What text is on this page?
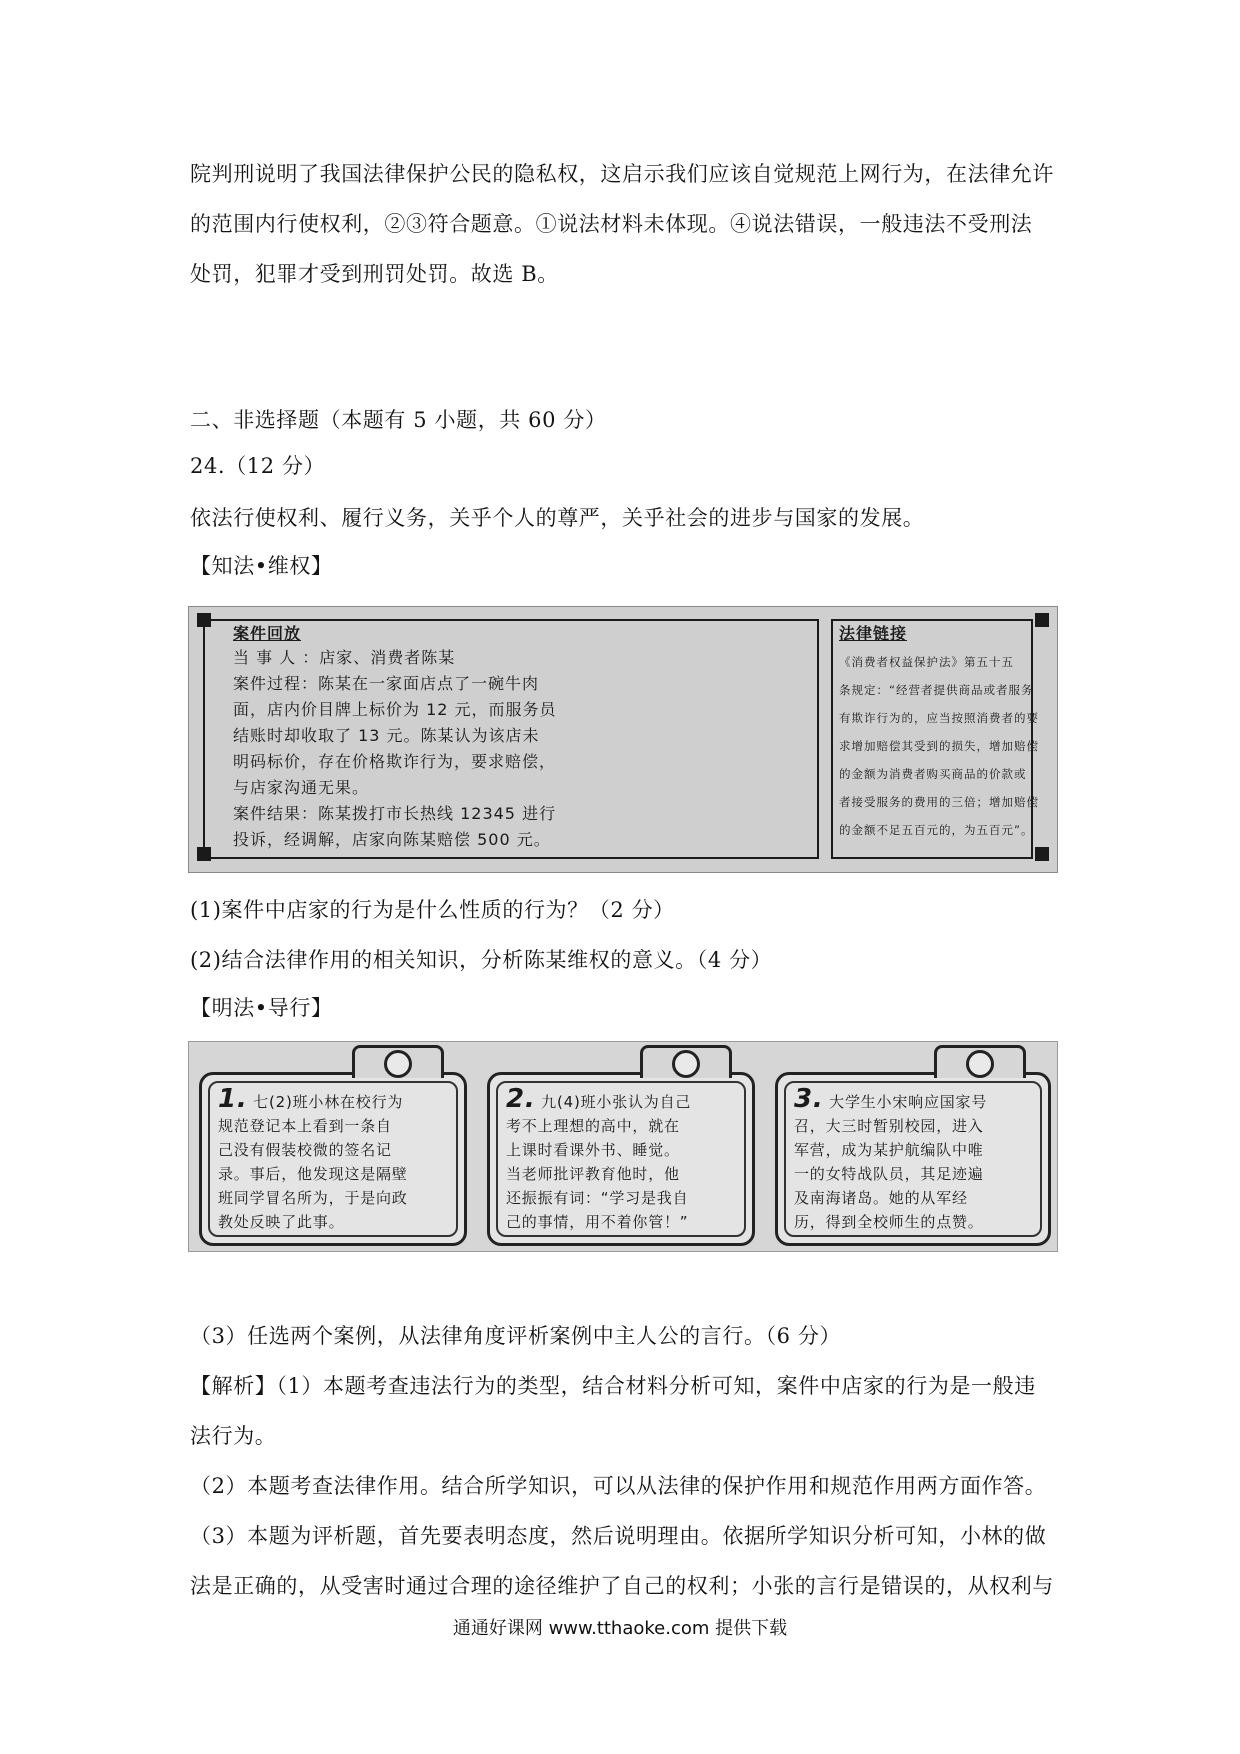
院判刑说明了我国法律保护公民的隐私权，这启示我们应该自觉规范上网行为，在法律允许
的范围内行使权利，②③符合题意。①说法材料未体现。④说法错误，一般违法不受刑法
处罚，犯罪才受到刑罚处罚。故选 B。
二、非选择题（本题有 5 小题，共 60 分）
24.（12 分）
依法行使权利、履行义务，关乎个人的尊严，关乎社会的进步与国家的发展。
【知法•维权】
案件回放
当 事 人 ：店家、消费者陈某
案件过程：陈某在一家面店点了一碗牛肉
面，店内价目牌上标价为 12 元，而服务员
结账时却收取了 13 元。陈某认为该店未
明码标价，存在价格欺诈行为，要求赔偿，
与店家沟通无果。
案件结果：陈某拨打市长热线 12345 进行
投诉，经调解，店家向陈某赔偿 500 元。
法律链接
《消费者权益保护法》第五十五
条规定：“经营者提供商品或者服务
有欺诈行为的，应当按照消费者的要
求增加赔偿其受到的损失，增加赔偿
的金额为消费者购买商品的价款或
者接受服务的费用的三倍；增加赔偿
的金额不足五百元的，为五百元”。
(1)案件中店家的行为是什么性质的行为？（2 分）
(2)结合法律作用的相关知识，分析陈某维权的意义。（4 分）
【明法•导行】
1. 七(2)班小林在校行为
规范登记本上看到一条自
己没有假装校微的签名记
录。事后，他发现这是隔壁
班同学冒名所为，于是向政
教处反映了此事。
2. 九(4)班小张认为自己
考不上理想的高中，就在
上课时看课外书、睡觉。
当老师批评教育他时，他
还振振有词：“学习是我自
己的事情，用不着你管！”
3. 大学生小宋响应国家号
召，大三时暂别校园，进入
军营，成为某护航编队中唯
一的女特战队员，其足迹遍
及南海诸岛。她的从军经
历，得到全校师生的点赞。
（3）任选两个案例，从法律角度评析案例中主人公的言行。（6 分）
【解析】（1）本题考查违法行为的类型，结合材料分析可知，案件中店家的行为是一般违
法行为。
（2）本题考查法律作用。结合所学知识，可以从法律的保护作用和规范作用两方面作答。
（3）本题为评析题，首先要表明态度，然后说明理由。依据所学知识分析可知，小林的做
法是正确的，从受害时通过合理的途径维护了自己的权利；小张的言行是错误的，从权利与
通通好课网 www.tthaoke.com 提供下载
